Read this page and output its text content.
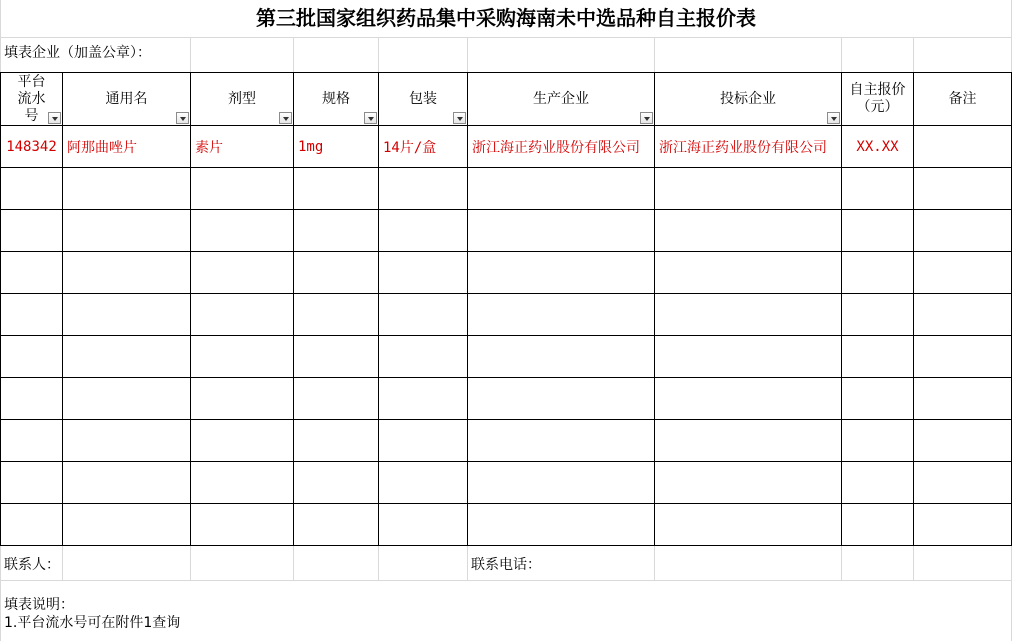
第三批国家组织药品集中采购海南未中选品种自主报价表
填表企业（加盖公章）：
平台流水号	通用名	剂型	规格	包装	生产企业	投标企业	自主报价（元）	备注
148342	阿那曲唑片	素片	1mg	14片/盒	浙江海正药业股份有限公司	浙江海正药业股份有限公司	XX.XX	

联系人：	联系电话：
填表说明：
1.平台流水号可在附件1查询
